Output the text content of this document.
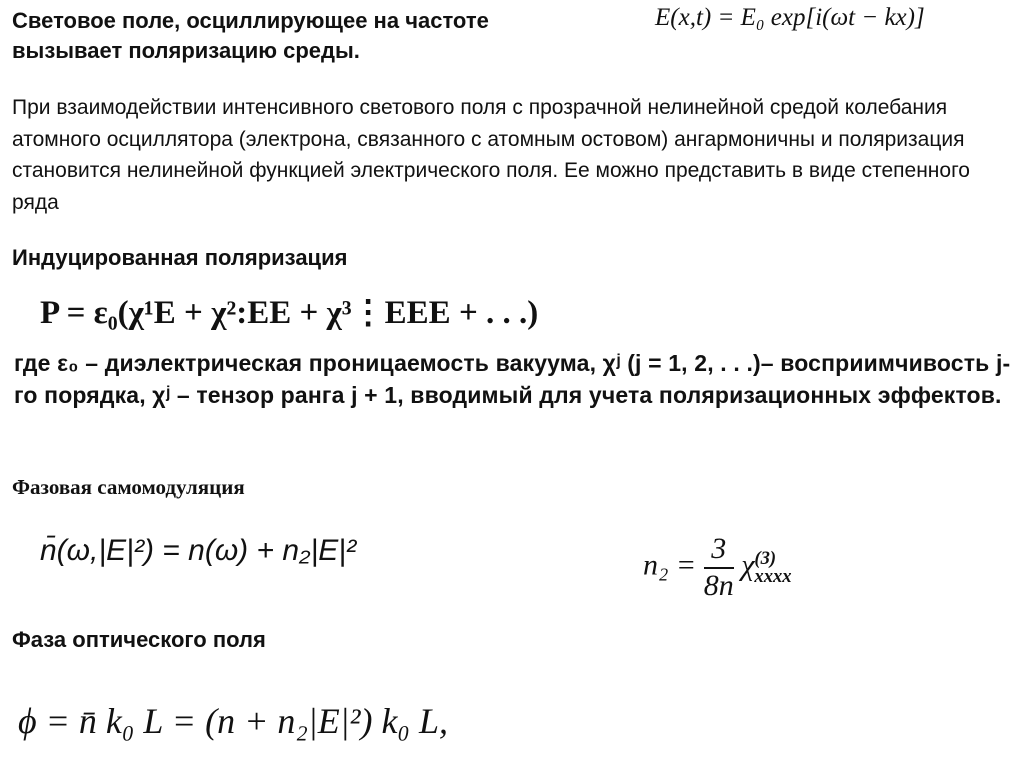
Световое поле, осциллирующее на частоте
вызывает поляризацию среды.
E(x,t) = E₀ exp[i(ωt − kx)]
При взаимодействии интенсивного светового поля с прозрачной нелинейной средой колебания атомного осциллятора (электрона, связанного с атомным остовом) ангармоничны и поляризация становится нелинейной функцией электрического поля. Ее можно представить в виде степенного ряда
Индуцированная поляризация
P = ε₀(χ¹E + χ²:EE + χ³⋮EEE + . . .)
где ε₀ – диэлектрическая проницаемость вакуума, χʲ (j = 1, 2, . . .)– восприимчивость j-го порядка, χʲ – тензор ранга j + 1, вводимый для учета поляризационных эффектов.
Фазовая самомодуляция
n̄(ω,|E|²) = n(ω) + n₂|E|²	$n_2 = \frac{3}{8n}$ χ (3)
xxxx
Фаза оптического поля
ϕ = n̄ k₀ L = (n + n₂|E|²) k₀ L,
